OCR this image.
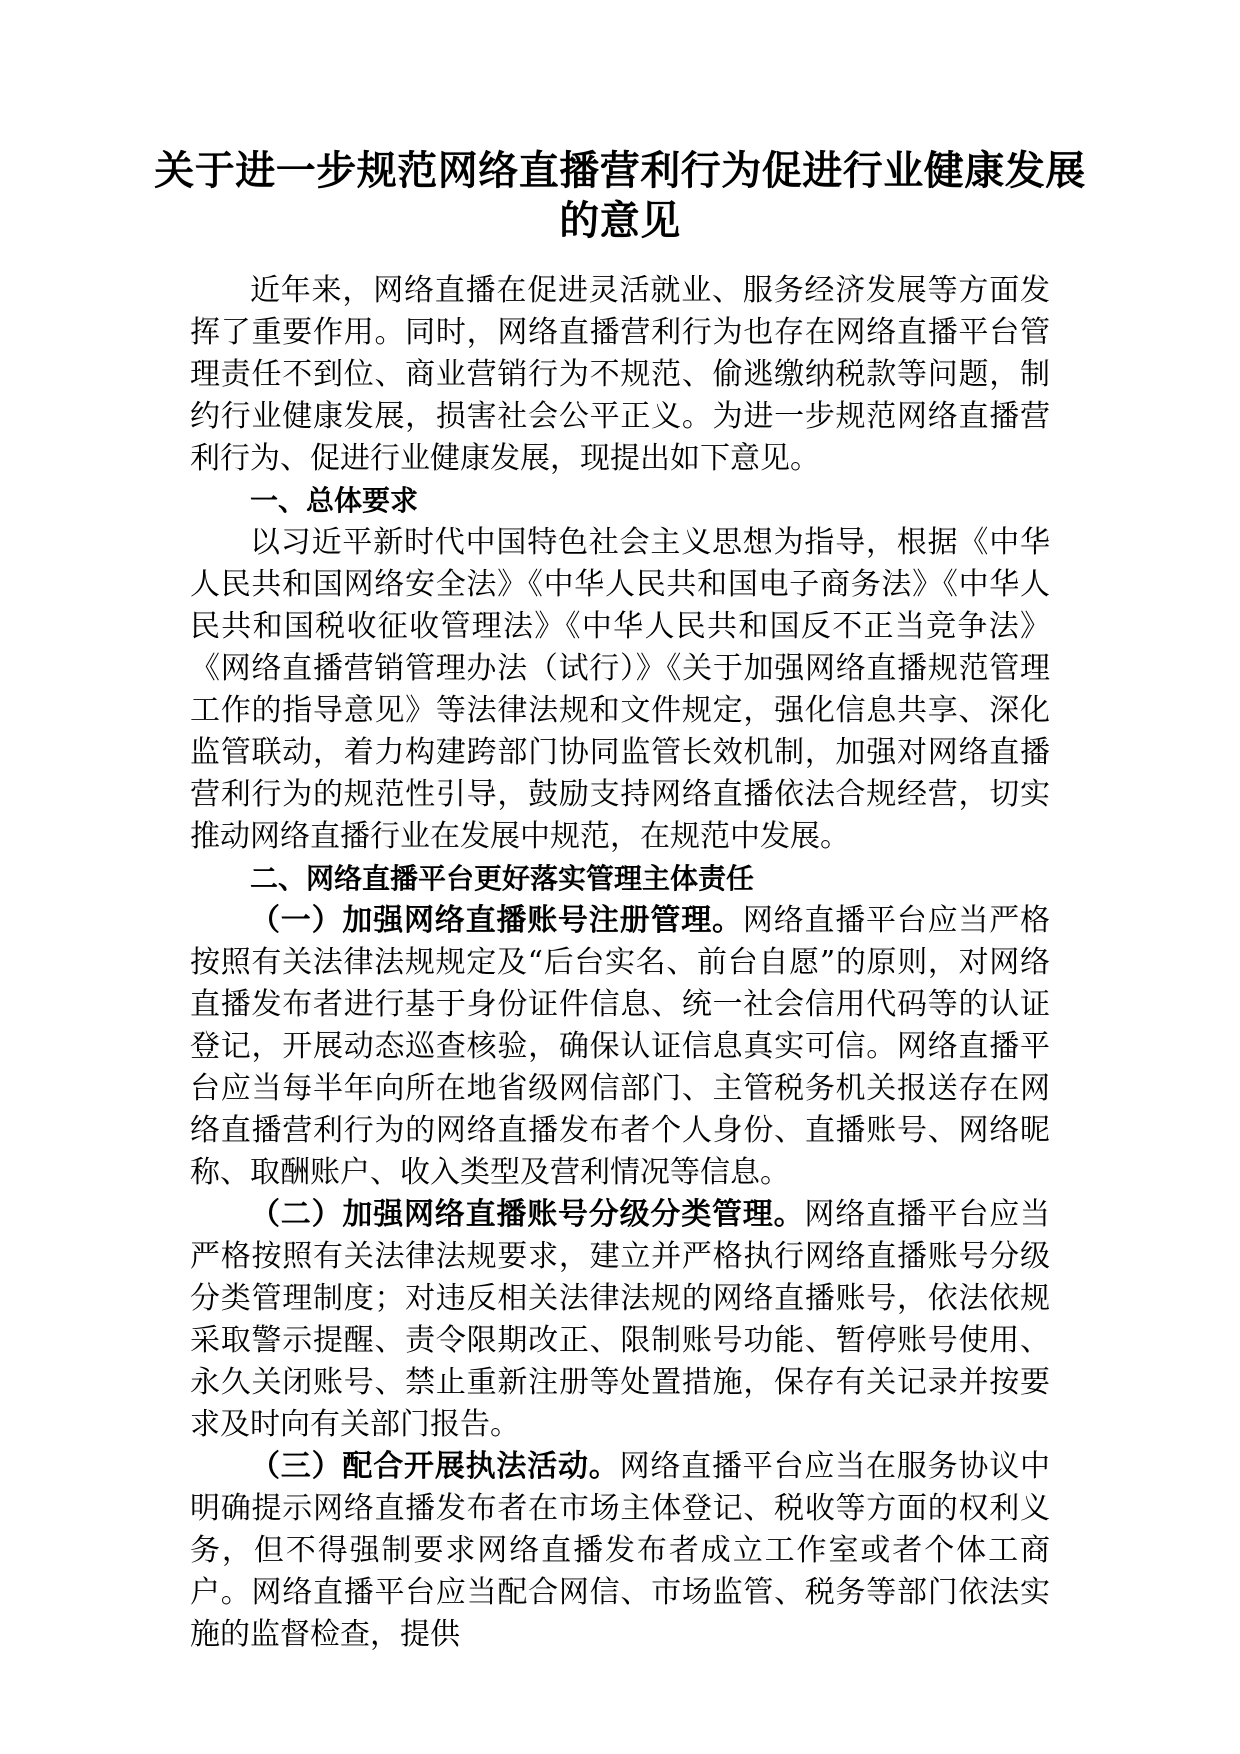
关于进一步规范网络直播营利行为促进行业健康发展
的意见

近年来，网络直播在促进灵活就业、服务经济发展等方面发挥了重要作用。同时，网络直播营利行为也存在网络直播平台管理责任不到位、商业营销行为不规范、偷逃缴纳税款等问题，制约行业健康发展，损害社会公平正义。为进一步规范网络直播营利行为、促进行业健康发展，现提出如下意见。

一、总体要求

以习近平新时代中国特色社会主义思想为指导，根据《中华人民共和国网络安全法》《中华人民共和国电子商务法》《中华人民共和国税收征收管理法》《中华人民共和国反不正当竞争法》《网络直播营销管理办法（试行）》《关于加强网络直播规范管理工作的指导意见》等法律法规和文件规定，强化信息共享、深化监管联动，着力构建跨部门协同监管长效机制，加强对网络直播营利行为的规范性引导，鼓励支持网络直播依法合规经营，切实推动网络直播行业在发展中规范，在规范中发展。

二、网络直播平台更好落实管理主体责任

（一）加强网络直播账号注册管理。网络直播平台应当严格按照有关法律法规规定及“后台实名、前台自愿”的原则，对网络直播发布者进行基于身份证件信息、统一社会信用代码等的认证登记，开展动态巡查核验，确保认证信息真实可信。网络直播平台应当每半年向所在地省级网信部门、主管税务机关报送存在网络直播营利行为的网络直播发布者个人身份、直播账号、网络昵称、取酬账户、收入类型及营利情况等信息。

（二）加强网络直播账号分级分类管理。网络直播平台应当严格按照有关法律法规要求，建立并严格执行网络直播账号分级分类管理制度；对违反相关法律法规的网络直播账号，依法依规采取警示提醒、责令限期改正、限制账号功能、暂停账号使用、永久关闭账号、禁止重新注册等处置措施，保存有关记录并按要求及时向有关部门报告。

（三）配合开展执法活动。网络直播平台应当在服务协议中明确提示网络直播发布者在市场主体登记、税收等方面的权利义务，但不得强制要求网络直播发布者成立工作室或者个体工商户。网络直播平台应当配合网信、市场监管、税务等部门依法实施的监督检查，提供
